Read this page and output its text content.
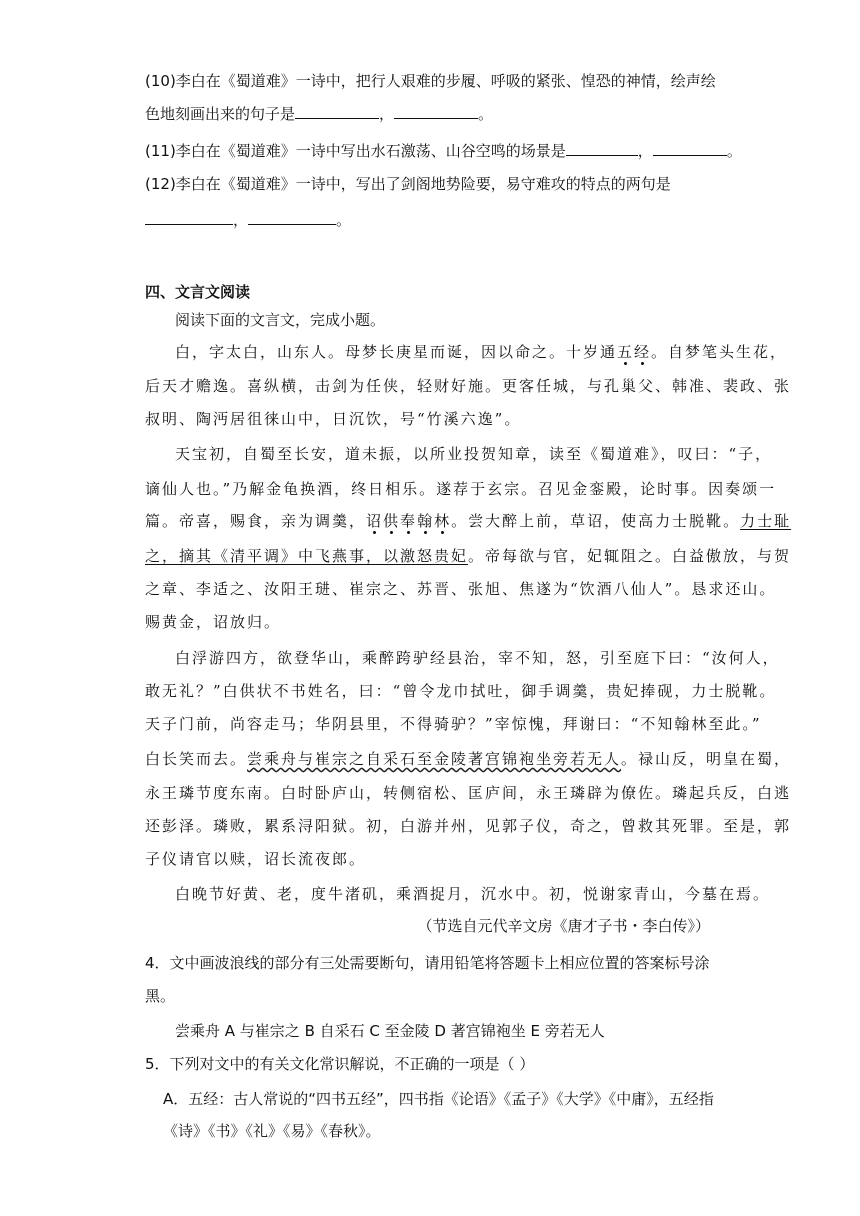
(10)李白在《蜀道难》一诗中，把行人艰难的步履、呼吸的紧张、惶恐的神情，绘声绘
色地刻画出来的句子是	，	。
(11)李白在《蜀道难》一诗中写出水石激荡、山谷空鸣的场景是	，	。
(12)李白在《蜀道难》一诗中，写出了剑阁地势险要，易守难攻的特点的两句是
，	。
四、文言文阅读
阅读下面的文言文，完成小题。
白，字太白，山东人。母梦长庚星而诞，因以命之。十岁通五经。自梦笔头生花，
后天才赡逸。喜纵横，击剑为任侠，轻财好施。更客任城，与孔巢父、韩准、裴政、张
叔明、陶沔居徂徕山中，日沉饮，号“竹溪六逸”。
天宝初，自蜀至长安，道未振，以所业投贺知章，读至《蜀道难》，叹曰：“子，
谪仙人也。”乃解金龟换酒，终日相乐。遂荐于玄宗。召见金銮殿，论时事。因奏颂一
篇。帝喜，赐食，亲为调羹，诏供奉翰林。尝大醉上前，草诏，使高力士脱靴。力士耻
之，摘其《清平调》中飞燕事，以激怒贵妃。帝每欲与官，妃辄阻之。白益傲放，与贺
之章、李适之、汝阳王琎、崔宗之、苏晋、张旭、焦遂为“饮酒八仙人”。恳求还山。
赐黄金，诏放归。
白浮游四方，欲登华山，乘醉跨驴经县治，宰不知，怒，引至庭下曰：“汝何人，
敢无礼？”白供状不书姓名，曰：“曾令龙巾拭吐，御手调羹，贵妃捧砚，力士脱靴。
天子门前，尚容走马；华阴县里，不得骑驴？”宰惊愧，拜谢曰：“不知翰林至此。”
白长笑而去。尝乘舟与崔宗之自采石至金陵著宫锦袍坐旁若无人。禄山反，明皇在蜀，
永王璘节度东南。白时卧庐山，转侧宿松、匡庐间，永王璘辟为僚佐。璘起兵反，白逃
还彭泽。璘败，累系浔阳狱。初，白游并州，见郭子仪，奇之，曾救其死罪。至是，郭
子仪请官以赎，诏长流夜郎。
白晚节好黄、老，度牛渚矶，乘酒捉月，沉水中。初，悦谢家青山，今墓在焉。
（节选自元代辛文房《唐才子书・李白传》）
4．文中画波浪线的部分有三处需要断句，请用铅笔将答题卡上相应位置的答案标号涂
黑。
尝乘舟 A 与崔宗之 B 自采石 C 至金陵 D 著宫锦袍坐 E 旁若无人
5．下列对文中的有关文化常识解说，不正确的一项是（ ）
A．五经：古人常说的“四书五经”，四书指《论语》《孟子》《大学》《中庸》，五经指
《诗》《书》《礼》《易》《春秋》。
